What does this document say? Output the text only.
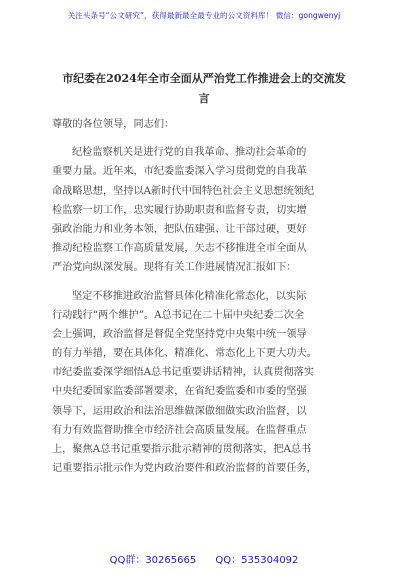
关注头条号“公文研究”，获得最新最全最专业的公文资料库！ 微信：gongwenyj
市纪委在2024年全市全面从严治党工作推进会上的交流发
言
尊敬的各位领导，同志们：
纪检监察机关是进行党的自我革命、推动社会革命的
重要力量。近年来，市纪委监委深入学习贯彻党的自我革
命战略思想，坚持以A新时代中国特色社会主义思想统领纪
检监察一切工作，忠实履行协助职责和监督专责，切实增
强政治能力和业务本领，把队伍建强、让干部过硬，更好
推动纪检监察工作高质量发展，矢志不移推进全市全面从
严治党向纵深发展。现将有关工作进展情况汇报如下：
坚定不移推进政治监督具体化精准化常态化，以实际
行动践行“两个维护”。A总书记在二十届中央纪委二次全
会上强调，政治监督是督促全党坚持党中央集中统一领导
的有力举措，要在具体化、精准化、常态化上下更大功夫。
市纪委监委深学细悟A总书记重要讲话精神，认真贯彻落实
中央纪委国家监委部署要求，在省纪委监委和市委的坚强
领导下，运用政治和法治思维做深做细做实政治监督，以
有力有效监督助推全市经济社会高质量发展。在监督重点
上，聚焦A总书记重要指示批示精神的贯彻落实，把A总书
记重要指示批示作为党内政治要件和政治监督的首要任务，
QQ群：30265665 QQ：535304092
